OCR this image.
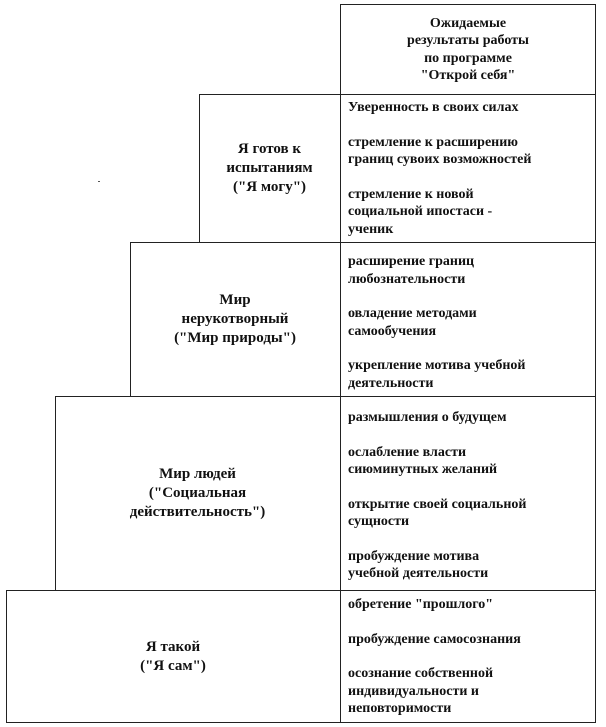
Ожидаемые
результаты работы
по программе
"Открой себя"
Я готов к
испытаниям
("Я могу")
Уверенность в своих силах
стремление к расширению
границ сувоих возможностей
стремление к новой
социальной ипостаси -
ученик
Мир
нерукотворный
("Мир природы")
расширение границ
любознательности
овладение методами
самообучения
укрепление мотива учебной
деятельности
Мир людей
("Социальная
действительность")
размышления о будущем
ослабление власти
сиюминутных желаний
открытие своей социальной
сущности
пробуждение мотива
учебной деятельности
Я такой
("Я сам")
обретение "прошлого"
пробуждение самосознания
осознание собственной
индивидуальности и
неповторимости
